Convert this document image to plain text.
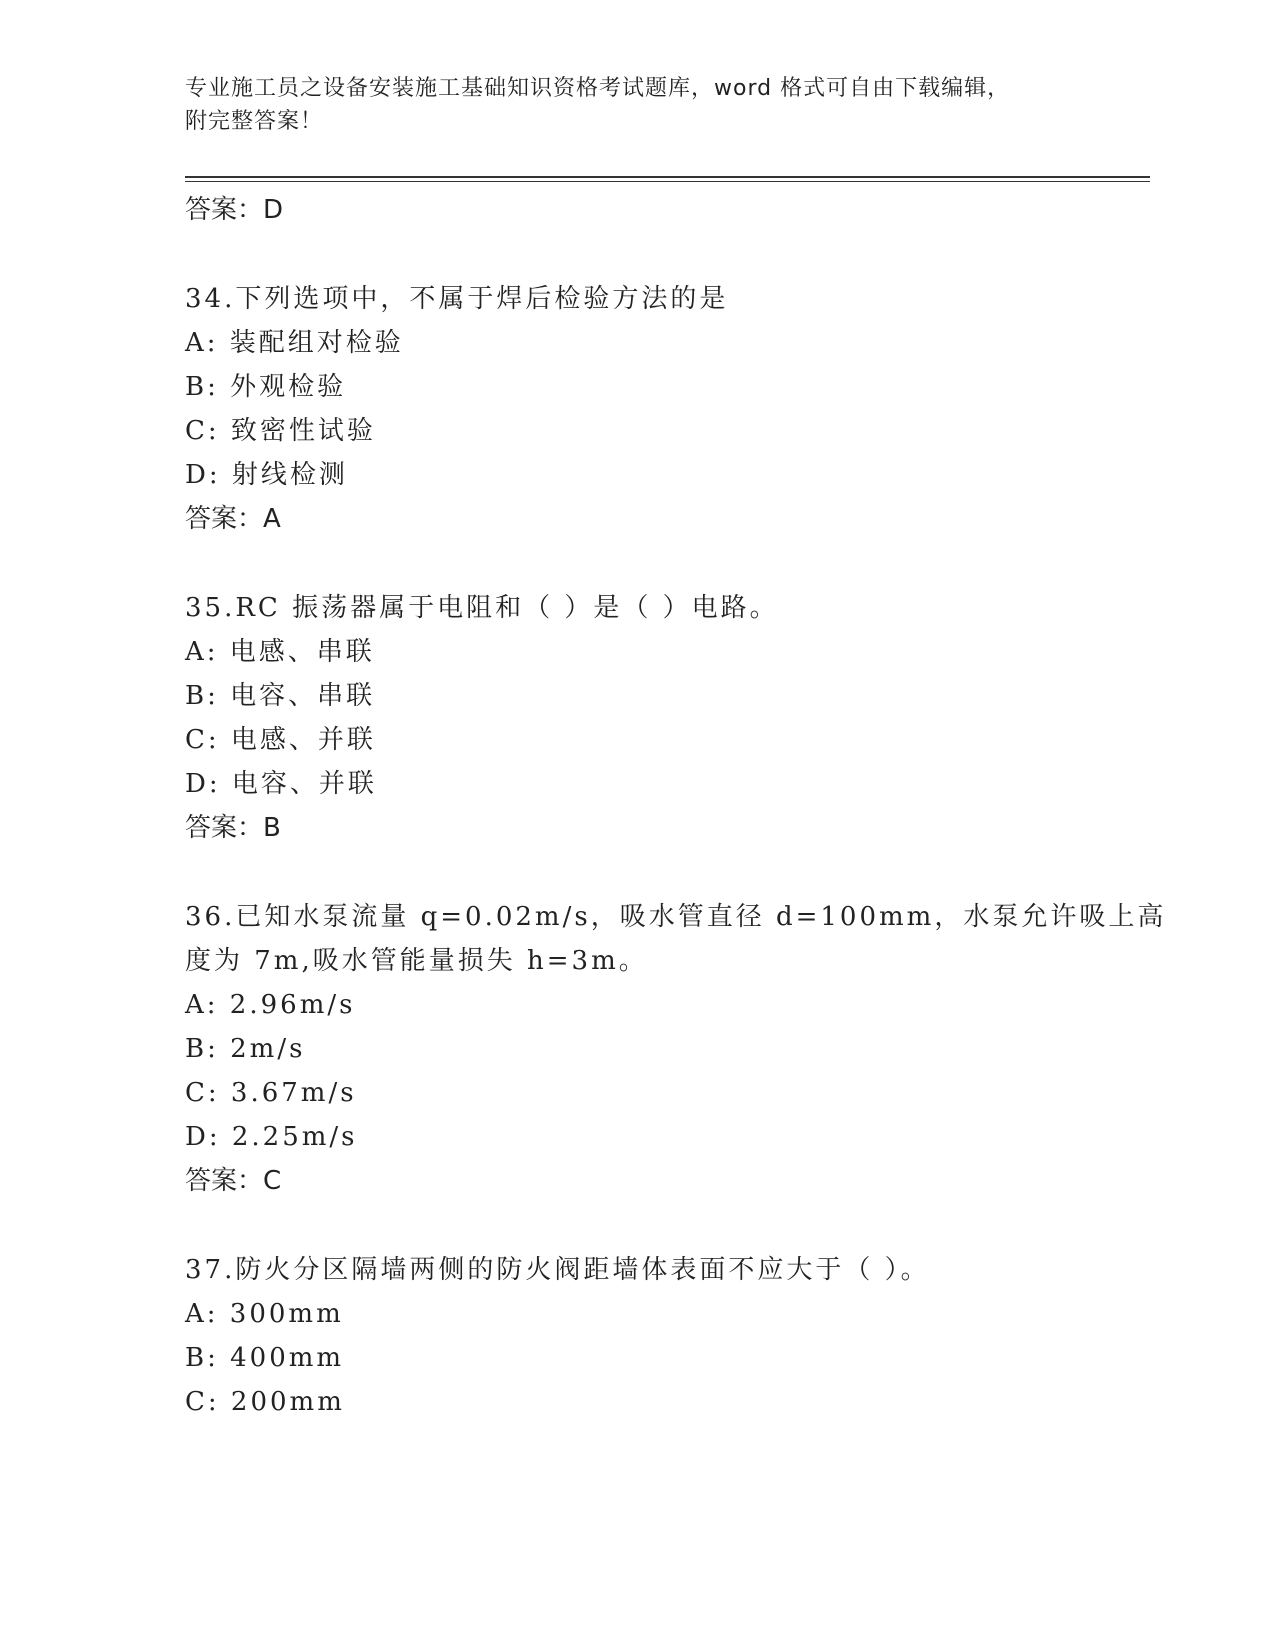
专业施工员之设备安装施工基础知识资格考试题库，word 格式可自由下载编辑，
附完整答案！
答案：D
34.下列选项中，不属于焊后检验方法的是
A: 装配组对检验
B: 外观检验
C: 致密性试验
D: 射线检测
答案：A
35.RC 振荡器属于电阻和（ ）是（ ）电路。
A: 电感、串联
B: 电容、串联
C: 电感、并联
D: 电容、并联
答案：B
36.已知水泵流量 q=0.02m/s，吸水管直径 d=100mm，水泵允许吸上高
度为 7m,吸水管能量损失 h=3m。
A: 2.96m/s
B: 2m/s
C: 3.67m/s
D: 2.25m/s
答案：C
37.防火分区隔墙两侧的防火阀距墙体表面不应大于（ ）。
A: 300mm
B: 400mm
C: 200mm
